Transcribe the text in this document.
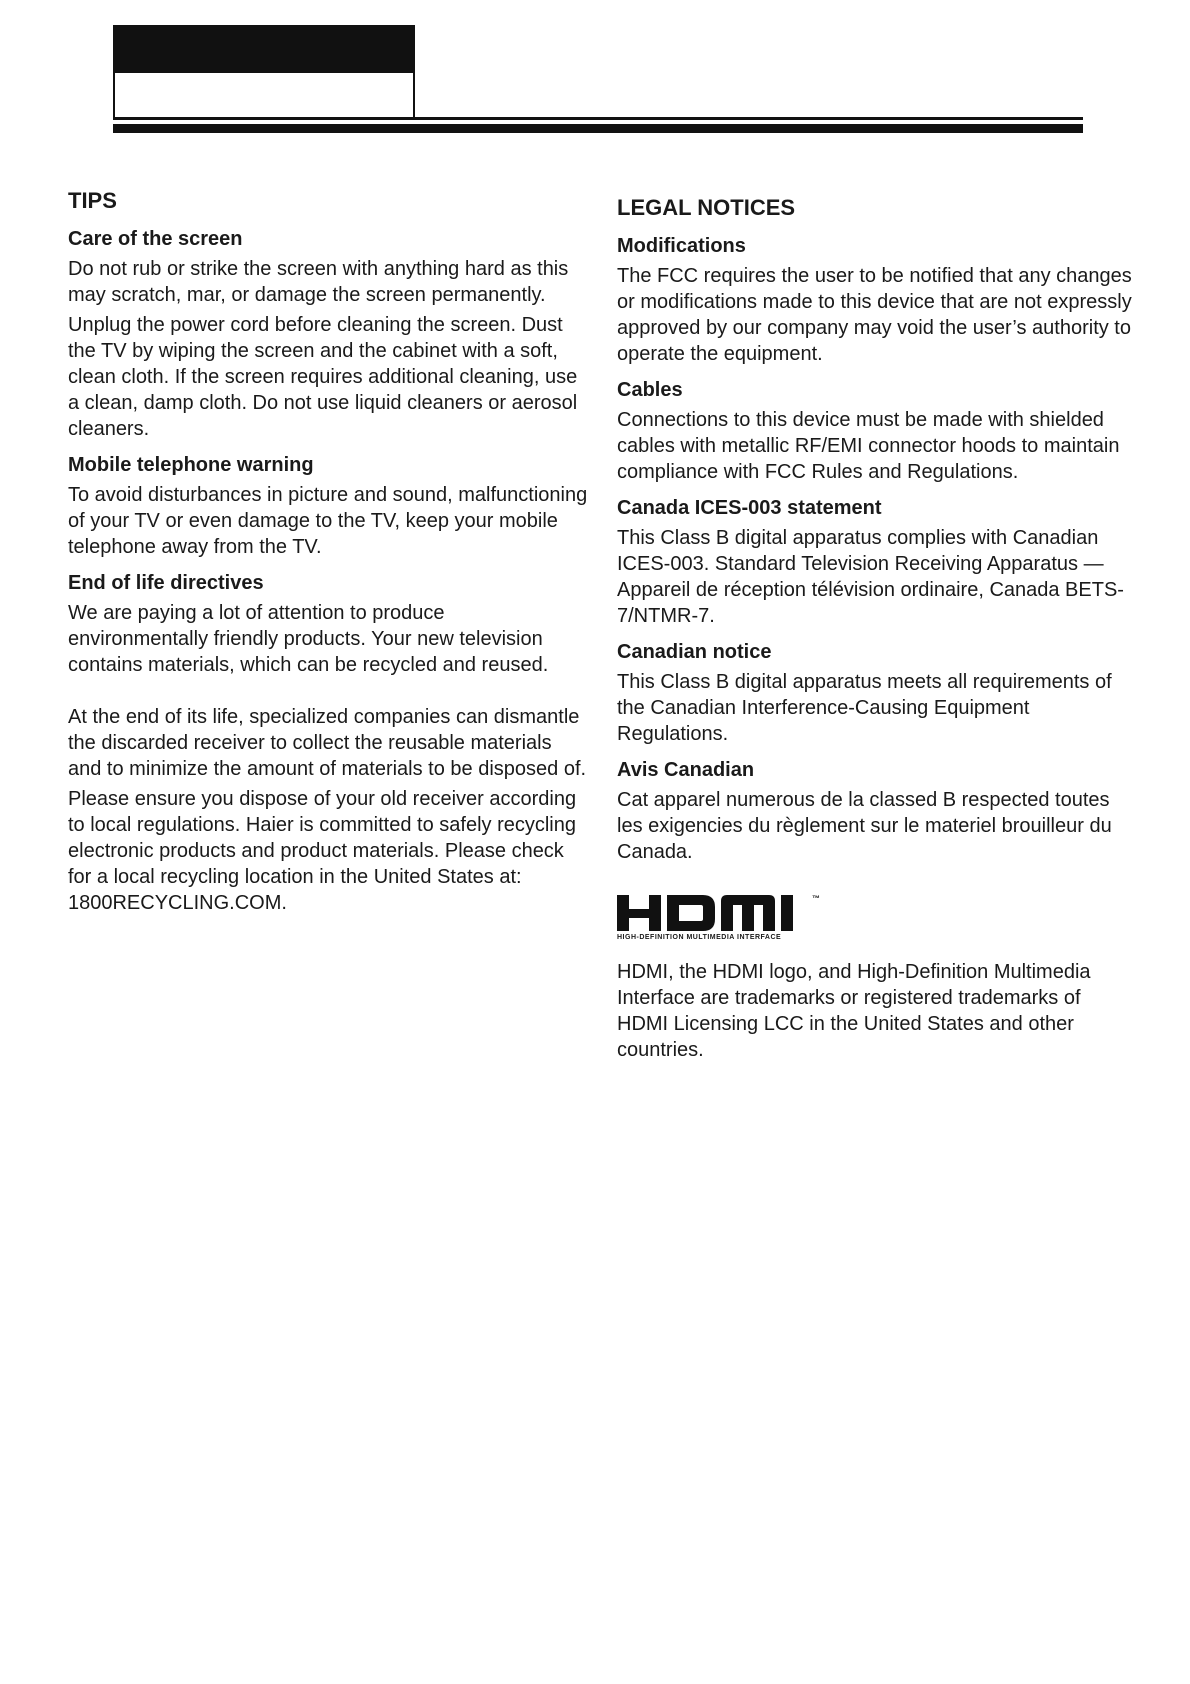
TIPS
Care of the screen

Do not rub or strike the screen with anything hard as this may scratch, mar, or damage the screen permanently.

Unplug the power cord before cleaning the screen. Dust the TV by wiping the screen and the cabinet with a soft, clean cloth. If the screen requires additional cleaning, use a clean, damp cloth. Do not use liquid cleaners or aerosol cleaners.

Mobile telephone warning

To avoid disturbances in picture and sound, malfunctioning of your TV or even damage to the TV, keep your mobile telephone away from the TV.

End of life directives

We are paying a lot of attention to produce environmentally friendly products. Your new television contains materials, which can be recycled and reused.

At the end of its life, specialized companies can dismantle the discarded receiver to collect the reusable materials and to minimize the amount of materials to be disposed of.

Please ensure you dispose of your old receiver according to local regulations. Haier is committed to safely recycling electronic products and product materials. Please check for a local recycling location in the United States at: 1800RECYCLING.COM.

LEGAL NOTICES
Modifications

The FCC requires the user to be notified that any changes or modifications made to this device that are not expressly approved by our company may void the user’s authority to operate the equipment.

Cables

Connections to this device must be made with shielded cables with metallic RF/EMI connector hoods to maintain compliance with FCC Rules and Regulations.

Canada ICES-003 statement

This Class B digital apparatus complies with Canadian ICES-003. Standard Television Receiving Apparatus — Appareil de réception télévision ordinaire, Canada BETS-7/NTMR-7.

Canadian notice

This Class B digital apparatus meets all requirements of the Canadian Interference-Causing Equipment Regulations.

Avis Canadian

Cat apparel numerous de la classed B respected toutes les exigencies du règlement sur le materiel brouilleur du Canada.

™
HIGH-DEFINITION MULTIMEDIA INTERFACE

HDMI, the HDMI logo, and High-Definition Multimedia Interface are trademarks or registered trademarks of HDMI Licensing LCC in the United States and other countries.
